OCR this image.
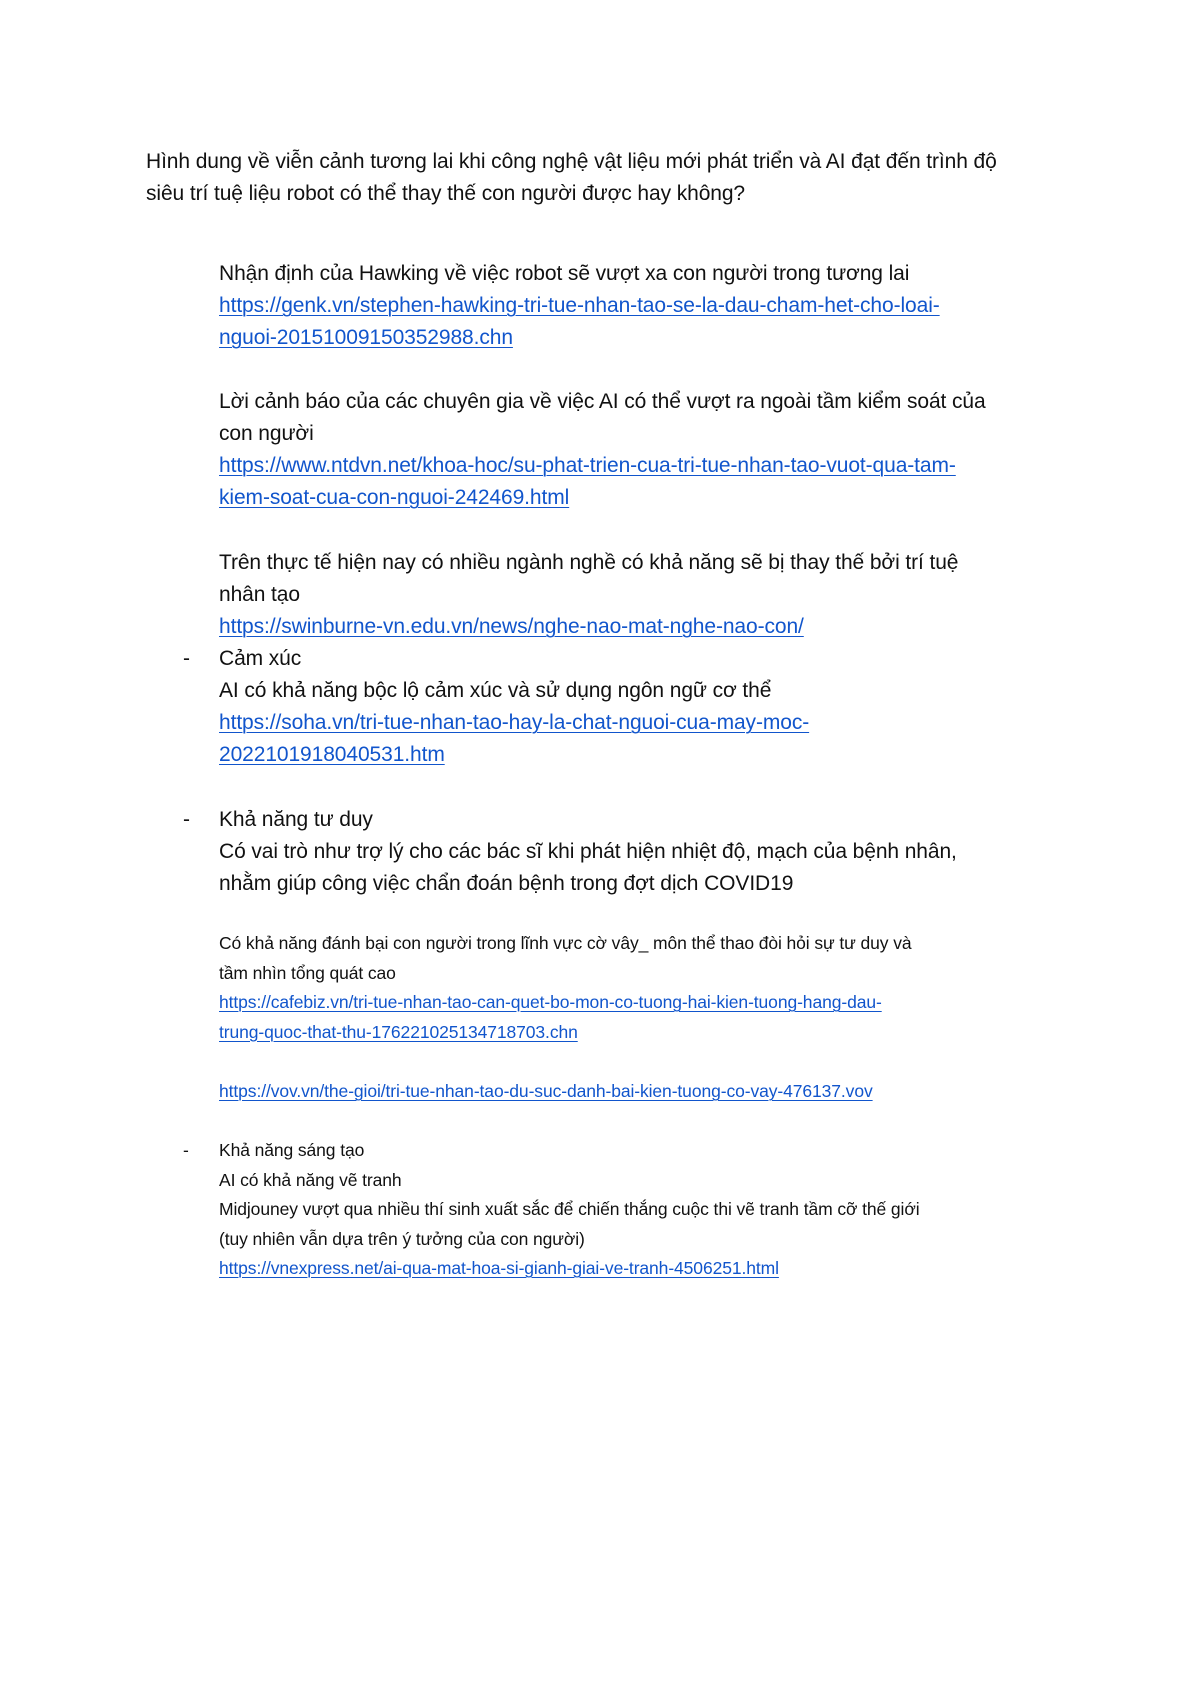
Hình dung về viễn cảnh tương lai khi công nghệ vật liệu mới phát triển và AI đạt đến trình độ
siêu trí tuệ liệu robot có thể thay thế con người được hay không?
Nhận định của Hawking về việc robot sẽ vượt xa con người trong tương lai
https://genk.vn/stephen-hawking-tri-tue-nhan-tao-se-la-dau-cham-het-cho-loai-
nguoi-20151009150352988.chn
Lời cảnh báo của các chuyên gia về việc AI có thể vượt ra ngoài tầm kiểm soát của
con người
https://www.ntdvn.net/khoa-hoc/su-phat-trien-cua-tri-tue-nhan-tao-vuot-qua-tam-
kiem-soat-cua-con-nguoi-242469.html
Trên thực tế hiện nay có nhiều ngành nghề có khả năng sẽ bị thay thế bởi trí tuệ
nhân tạo
https://swinburne-vn.edu.vn/news/nghe-nao-mat-nghe-nao-con/
-	Cảm xúc
AI có khả năng bộc lộ cảm xúc và sử dụng ngôn ngữ cơ thể
https://soha.vn/tri-tue-nhan-tao-hay-la-chat-nguoi-cua-may-moc-
2022101918040531.htm
-	Khả năng tư duy
Có vai trò như trợ lý cho các bác sĩ khi phát hiện nhiệt độ, mạch của bệnh nhân,
nhằm giúp công việc chẩn đoán bệnh trong đợt dịch COVID19
Có khả năng đánh bại con người trong lĩnh vực cờ vây_ môn thể thao đòi hỏi sự tư duy và
tầm nhìn tổng quát cao
https://cafebiz.vn/tri-tue-nhan-tao-can-quet-bo-mon-co-tuong-hai-kien-tuong-hang-dau-
trung-quoc-that-thu-176221025134718703.chn
https://vov.vn/the-gioi/tri-tue-nhan-tao-du-suc-danh-bai-kien-tuong-co-vay-476137.vov
-	Khả năng sáng tạo
AI có khả năng vẽ tranh
Midjouney vượt qua nhiều thí sinh xuất sắc để chiến thắng cuộc thi vẽ tranh tầm cỡ thế giới
(tuy nhiên vẫn dựa trên ý tưởng của con người)
https://vnexpress.net/ai-qua-mat-hoa-si-gianh-giai-ve-tranh-4506251.html
